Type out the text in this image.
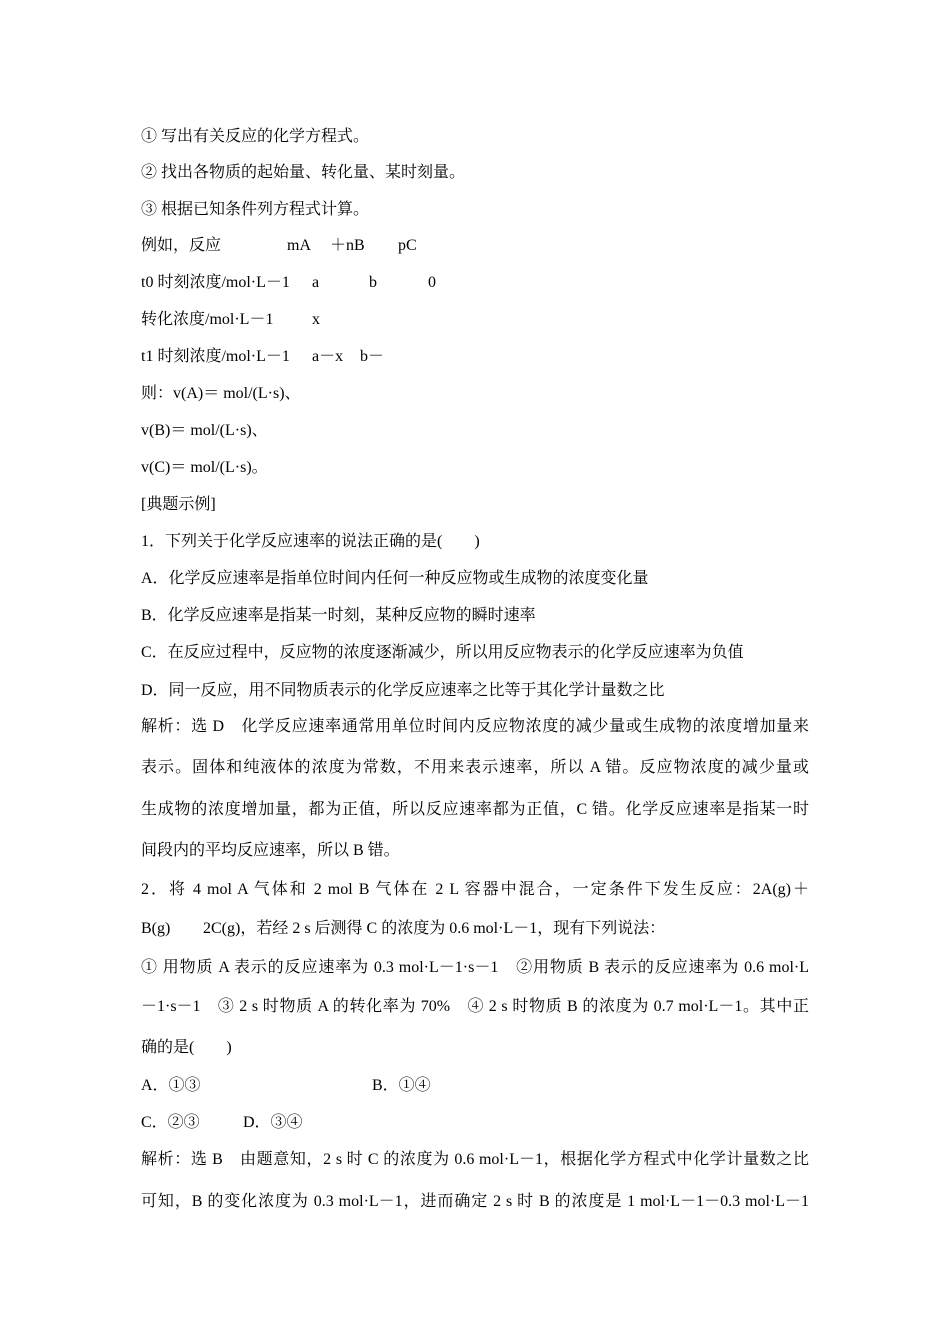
① 写出有关反应的化学方程式。
② 找出各物质的起始量、转化量、某时刻量。
③ 根据已知条件列方程式计算。
例如，反应	mA ＋nB pC
t0 时刻浓度/mol·L－1 a	b	0
转化浓度/mol·L－1 x
t1 时刻浓度/mol·L－1 a－x b－
则：v(A)＝ mol/(L·s)、
v(B)＝ mol/(L·s)、
v(C)＝ mol/(L·s)。
[典题示例]
1．下列关于化学反应速率的说法正确的是(　　)
A．化学反应速率是指单位时间内任何一种反应物或生成物的浓度变化量
B．化学反应速率是指某一时刻，某种反应物的瞬时速率
C．在反应过程中，反应物的浓度逐渐减少，所以用反应物表示的化学反应速率为负值
D．同一反应，用不同物质表示的化学反应速率之比等于其化学计量数之比
解析：选 D　化学反应速率通常用单位时间内反应物浓度的减少量或生成物的浓度增加量来
表示。固体和纯液体的浓度为常数，不用来表示速率，所以 A 错。反应物浓度的减少量或
生成物的浓度增加量，都为正值，所以反应速率都为正值，C 错。化学反应速率是指某一时
间段内的平均反应速率，所以 B 错。
2．将 4 mol A 气体和 2 mol B 气体在 2 L 容器中混合，一定条件下发生反应：2A(g)＋
B(g) 2C(g)，若经 2 s 后测得 C 的浓度为 0.6 mol·L－1，现有下列说法：
① 用物质 A 表示的反应速率为 0.3 mol·L－1·s－1　②用物质 B 表示的反应速率为 0.6 mol·L
－1·s－1　③ 2 s 时物质 A 的转化率为 70%　④ 2 s 时物质 B 的浓度为 0.7 mol·L－1。其中正
确的是(　　)
A．①③	B．①④
C．②③	D．③④
解析：选 B　由题意知，2 s 时 C 的浓度为 0.6 mol·L－1，根据化学方程式中化学计量数之比
可知，B 的变化浓度为 0.3 mol·L－1，进而确定 2 s 时 B 的浓度是 1 mol·L－1－0.3 mol·L－1
